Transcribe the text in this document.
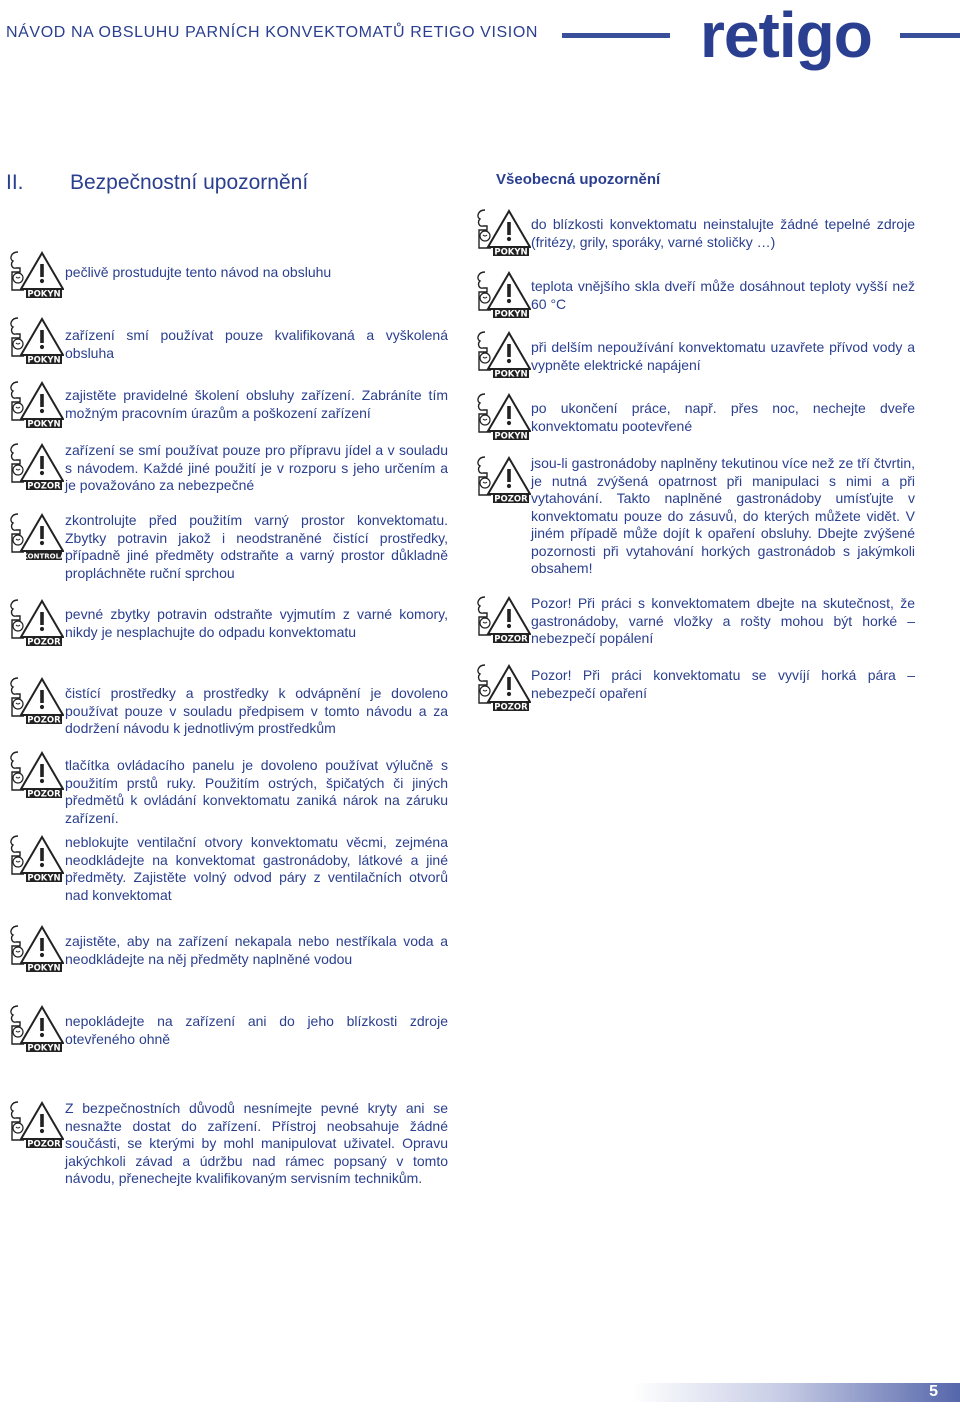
NÁVOD NA OBSLUHU PARNÍCH KONVEKTOMATŮ RETIGO VISION	retigo
II. Bezpečnostní upozornění	Všeobecná upozornění
POKYN
pečlivě prostudujte tento návod na obsluhu
POKYN
zařízení smí používat pouze kvalifikovaná a vyškolená obsluha
POKYN
zajistěte pravidelné školení obsluhy zařízení. Zabráníte tím možným pracovním úrazům a poškození zařízení
POZOR
zařízení se smí používat pouze pro přípravu jídel a v souladu s návodem. Každé jiné použití je v rozporu s jeho určením a je považováno za nebezpečné
KONTROLA
zkontrolujte před použitím varný prostor konvektomatu. Zbytky potravin jakož i neodstraněné čistící prostředky, případně jiné předměty odstraňte a varný prostor důkladně propláchněte ruční sprchou
POZOR
pevné zbytky potravin odstraňte vyjmutím z varné komory, nikdy je nesplachujte do odpadu konvektomatu
POZOR
čistící prostředky a prostředky k odvápnění je dovoleno používat pouze v souladu předpisem v tomto návodu a za dodržení návodu k jednotlivým prostředkům
POZOR
tlačítka ovládacího panelu je dovoleno používat výlučně s použitím prstů ruky. Použitím ostrých, špičatých či jiných předmětů k ovládání konvektomatu zaniká nárok na záruku zařízení.
POKYN
neblokujte ventilační otvory konvektomatu věcmi, zejména neodkládejte na konvektomat gastronádoby, látkové a jiné předměty. Zajistěte volný odvod páry z ventilačních otvorů nad konvektomat
POKYN
zajistěte, aby na zařízení nekapala nebo nestříkala voda a neodkládejte na něj předměty naplněné vodou
POKYN
nepokládejte na zařízení ani do jeho blízkosti zdroje otevřeného ohně
POZOR
Z bezpečnostních důvodů nesnímejte pevné kryty ani se nesnažte dostat do zařízení. Přístroj neobsahuje žádné součásti, se kterými by mohl manipulovat uživatel. Opravu jakýchkoli závad a údržbu nad rámec popsaný v tomto návodu, přenechejte kvalifikovaným servisním technikům.
POKYN
do blízkosti konvektomatu neinstalujte žádné tepelné zdroje (fritézy, grily, sporáky, varné stoličky …)
POKYN
teplota vnějšího skla dveří může dosáhnout teploty vyšší než 60 °C
POKYN
při delším nepoužívání konvektomatu uzavřete přívod vody a vypněte elektrické napájení
POKYN
po ukončení práce, např. přes noc, nechejte dveře konvektomatu pootevřené
POZOR
jsou-li gastronádoby naplněny tekutinou více než ze tří čtvrtin, je nutná zvýšená opatrnost při manipulaci s nimi a při vytahování. Takto naplněné gastronádoby umísťujte v konvektomatu pouze do zásuvů, do kterých můžete vidět. V jiném případě může dojít k opaření obsluhy. Dbejte zvýšené pozornosti při vytahování horkých gastronádob s jakýmkoli obsahem!
POZOR
Pozor! Při práci s konvektomatem dbejte na skutečnost, že gastronádoby, varné vložky a rošty mohou být horké – nebezpečí popálení
POZOR
Pozor! Při práci konvektomatu se vyvíjí horká pára – nebezpečí opaření
5
